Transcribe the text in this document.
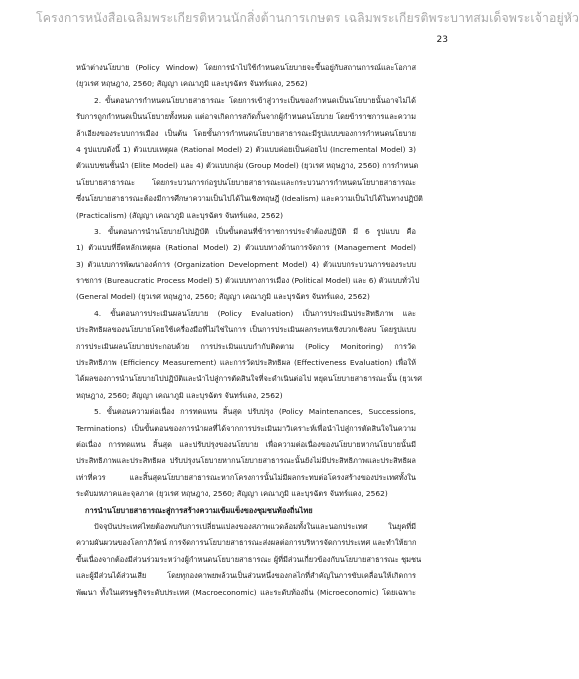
โครงการหนังสือเฉลิมพระเกียรติหวนนักสิ่งต้านการเกษตร เฉลิมพระเกียรติพระบาทสมเด็จพระเจ้าอยู่หัว
23
หน้าต่างนโยบาย (Policy Window) โดยการนำไปใช้กำหนดนโยบายจะขึ้นอยู่กับสถานการณ์และโอกาส
(ยุวเรศ หฤษฎาง, 2560; สัญญา เคณาภูมิ และบุรฉัตร จันทร์แดง, 2562)
2. ขั้นตอนการกำหนดนโยบายสาธารณะ โดยการเข้าสู่วาระเป็นของกำหนดเป็นนโยบายนั้นอาจไม่ได้
รับการถูกกำหนดเป็นนโยบายทั้งหมด แต่อาจเกิดการสกัดกั้นจากผู้กำหนดนโยบาย โดยข้าราชการและความ
ล้าเอียงของระบบการเมือง เป็นต้น โดยขั้นการกำหนดนโยบายสาธารณะมีรูปแบบของการกำหนดนโยบาย
4 รูปแบบดังนี้ 1) ตัวแบบเหตุผล (Rational Model) 2) ตัวแบบค่อยเป็นค่อยไป (Incremental Model) 3)
ตัวแบบชนชั้นนำ (Elite Model) และ 4) ตัวแบบกลุ่ม (Group Model) (ยุวเรศ หฤษฎาง, 2560) การกำหนด
นโยบายสาธารณะ โดยกระบวนการก่อรูปนโยบายสาธารณะและกระบวนการกำหนดนโยบายสาธารณะ
ซึ่งนโยบายสาธารณะต้องมีการศึกษาความเป็นไปได้ในเชิงทฤษฎี (Idealism) และความเป็นไปได้ในทางปฏิบัติ
(Practicalism) (สัญญา เคณาภูมิ และบุรฉัตร จันทร์แดง, 2562)
3. ขั้นตอนการนำนโยบายไปปฏิบัติ เป็นขั้นตอนที่ข้าราชการประจำต้องปฏิบัติ มี 6 รูปแบบ คือ
1) ตัวแบบที่ยึดหลักเหตุผล (Rational Model) 2) ตัวแบบทางด้านการจัดการ (Management Model)
3) ตัวแบบการพัฒนาองค์การ (Organization Development Model) 4) ตัวแบบกระบวนการของระบบ
ราชการ (Bureaucratic Process Model) 5) ตัวแบบทางการเมือง (Political Model) และ 6) ตัวแบบทั่วไป
(General Model) (ยุวเรศ หฤษฎาง, 2560; สัญญา เคณาภูมิ และบุรฉัตร จันทร์แดง, 2562)
4. ขั้นตอนการประเมินผลนโยบาย (Policy Evaluation) เป็นการประเมินประสิทธิภาพ และ
ประสิทธิผลของนโยบายโดยใช้เครื่องมือที่ไม่ใช่ในการ เป็นการประเมินผลกระทบเชิงบวกเชิงลบ โดยรูปแบบ
การประเมินผลนโยบายประกอบด้วย การประเมินแบบกำกับติดตาม (Policy Monitoring) การวัด
ประสิทธิภาพ (Efficiency Measurement) และการวัดประสิทธิผล (Effectiveness Evaluation) เพื่อให้
ได้ผลของการนำนโยบายไปปฏิบัติและนำไปสู่การตัดสินใจที่จะดำเนินต่อไป หยุดนโยบายสาธารณะนั้น (ยุวเรศ
หฤษฎาง, 2560; สัญญา เคณาภูมิ และบุรฉัตร จันทร์แดง, 2562)
5. ขั้นตอนความต่อเนื่อง การทดแทน สิ้นสุด ปรับปรุง (Policy Maintenances, Successions,
Terminations) เป็นขั้นตอนของการนำผลที่ได้จากการประเมินมาวิเคราะห์เพื่อนำไปสู่การตัดสินใจในความ
ต่อเนื่อง การทดแทน สิ้นสุด และปรับปรุงของนโยบาย เพื่อความต่อเนื่องของนโยบายหากนโยบายนั้นมี
ประสิทธิภาพและประสิทธิผล ปรับปรุงนโยบายหากนโยบายสาธารณะนั้นยังไม่มีประสิทธิภาพและประสิทธิผล
เท่าที่ควร และสิ้นสุดนโยบายสาธารณะหากโครงการนั้นไม่มีผลกระทบต่อโครงสร้างของประเทศทั้งใน
ระดับมหภาคและจุลภาค (ยุวเรศ หฤษฎาง, 2560; สัญญา เคณาภูมิ และบุรฉัตร จันทร์แดง, 2562)
การนำนโยบายสาธารณะสู่การสร้างความเข้มแข็งของชุมชนท้องถิ่นไทย
ปัจจุบันประเทศไทยต้องพบกับการเปลี่ยนแปลงของสภาพแวดล้อมทั้งในและนอกประเทศ ในยุคที่มี
ความผันผวนของโลกาภิวัตน์ การจัดการนโยบายสาธารณะส่งผลต่อการบริหารจัดการประเทศ และทำให้ยาก
ขึ้นเนื่องจากต้องมีส่วนร่วมระหว่างผู้กำหนดนโยบายสาธารณะ ผู้ที่มีส่วนเกี่ยวข้องกับนโยบายสาธารณะ ชุมชน
และผู้มีส่วนได้ส่วนเสีย โดยทุกองคาพยพล้วนเป็นส่วนหนึ่งของกลไกที่สำคัญในการขับเคลื่อนให้เกิดการ
พัฒนา ทั้งในเศรษฐกิจระดับประเทศ (Macroeconomic) และระดับท้องถิ่น (Microeconomic) โดยเฉพาะ
